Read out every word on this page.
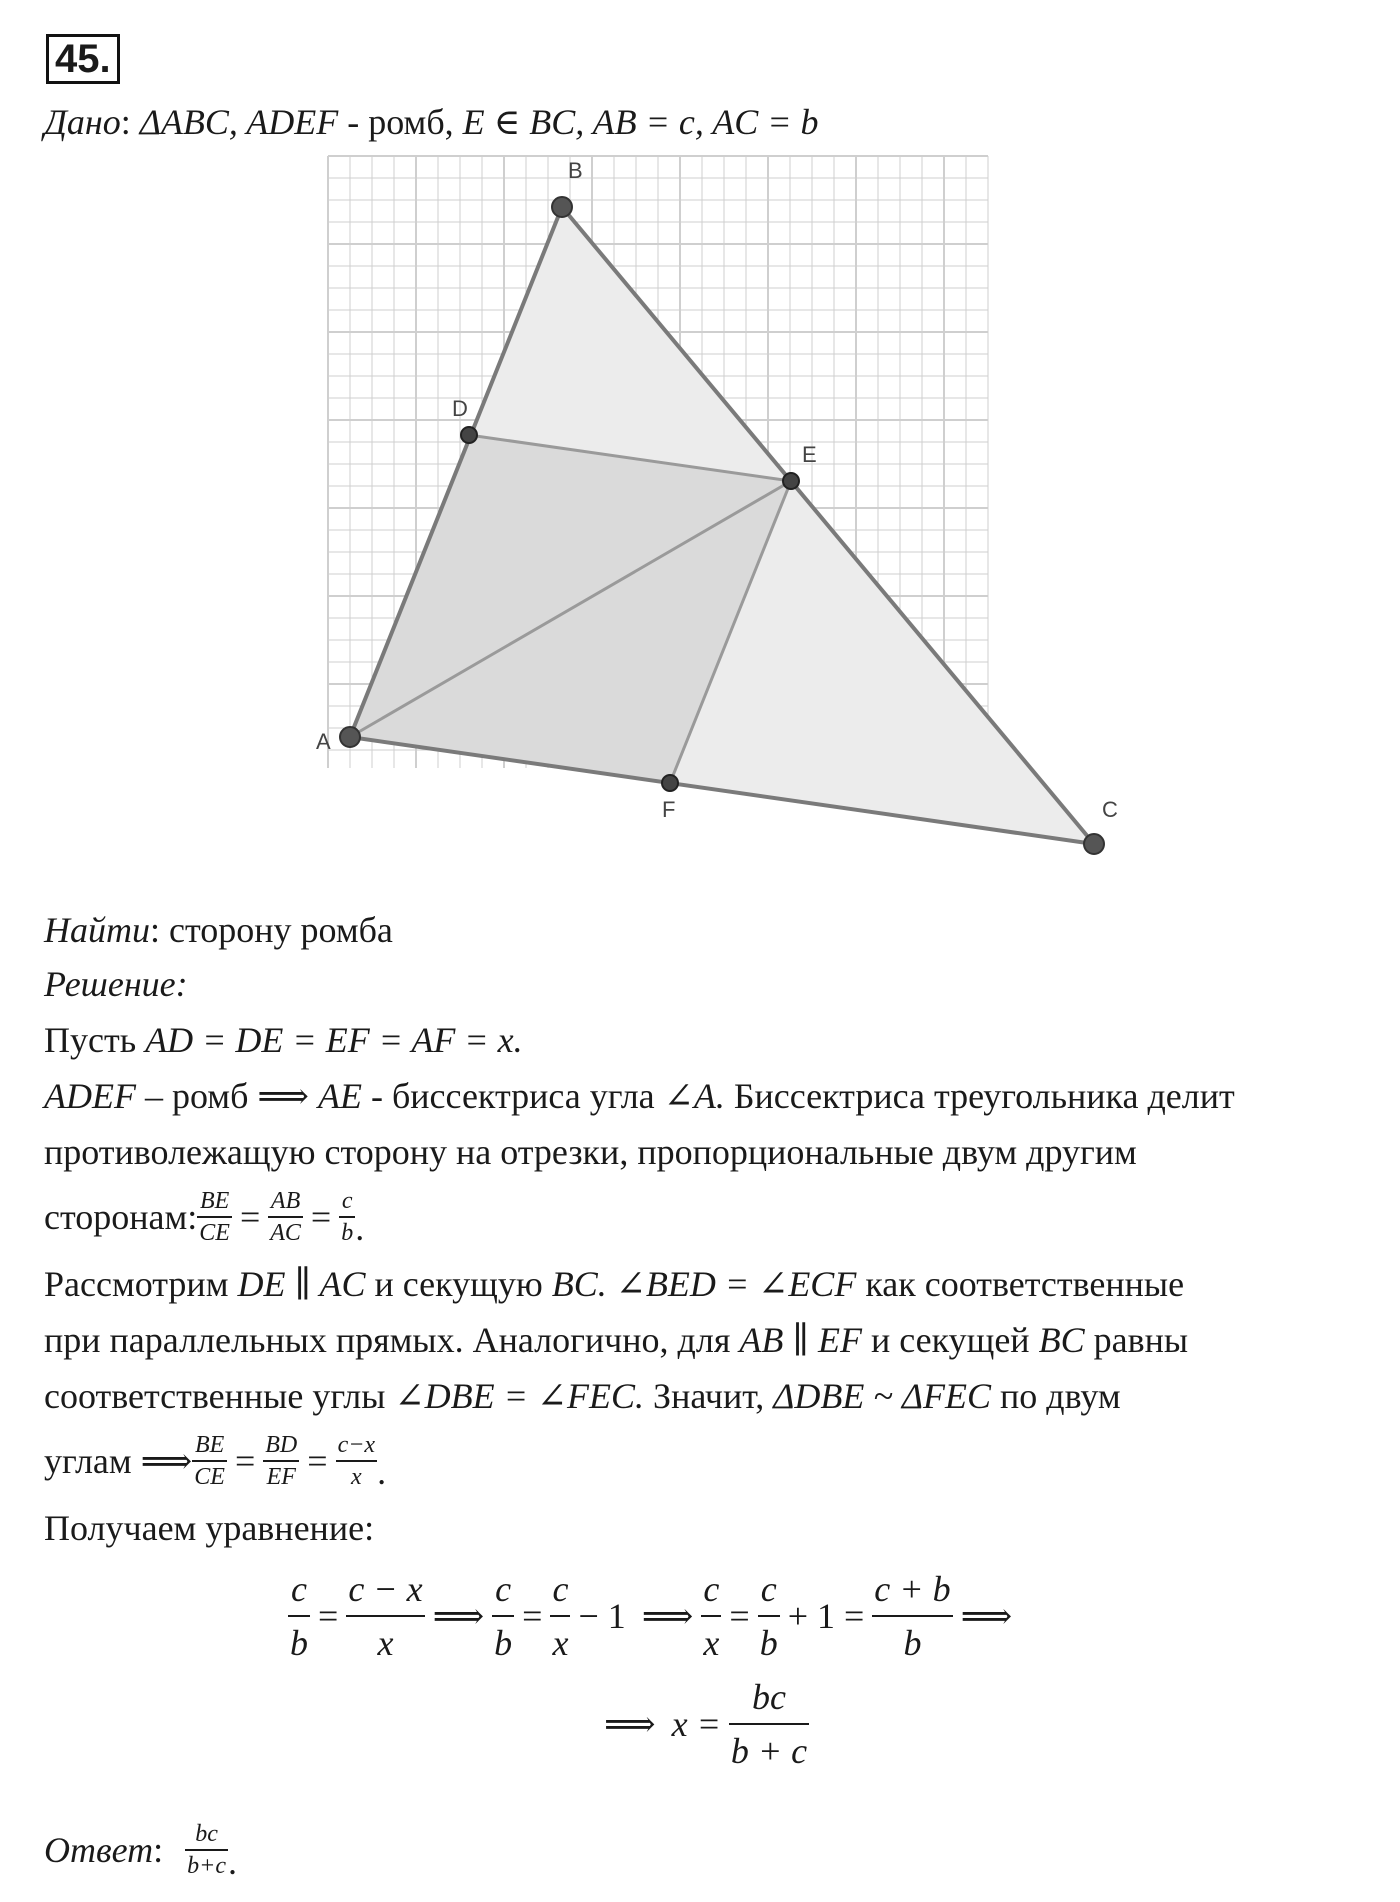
45.
Дано: ΔABC, ADEF - ромб, E ∈ BC, AB = c, AC = b
A
B
C
D
E
F
Найти: сторону ромба
Решение:
Пусть AD = DE = EF = AF = x.
ADEF – ромб ⟹ AE - биссектриса угла ∠A. Биссектриса треугольника делит
противолежащую сторону на отрезки, пропорциональные двум другим
сторонам: $\frac{BE}{CE} = \frac{AB}{AC} = \frac{c}{b}$ .
Рассмотрим DE ∥ AC и секущую BC. ∠BED = ∠ECF как соответственные
при параллельных прямых. Аналогично, для AB ∥ EF и секущей BC равны
соответственные углы ∠DBE = ∠FEC. Значит, ΔDBE ~ ΔFEC по двум
углам ⟹ $\frac{BE}{CE} = \frac{BD}{EF} = \frac{c-x}{x}$ .
Получаем уравнение:
$\frac{c}{b} = \frac{c - x}{x}$ ⟹ $\frac{c}{b} = \frac{c}{x} - 1$ ⟹ $\frac{c}{x} = \frac{c}{b} + 1 = \frac{c + b}{b}$ ⟹
⟹ $x = \frac{bc}{b + c}$
Ответ : $\frac{bc}{b+c}$ .
